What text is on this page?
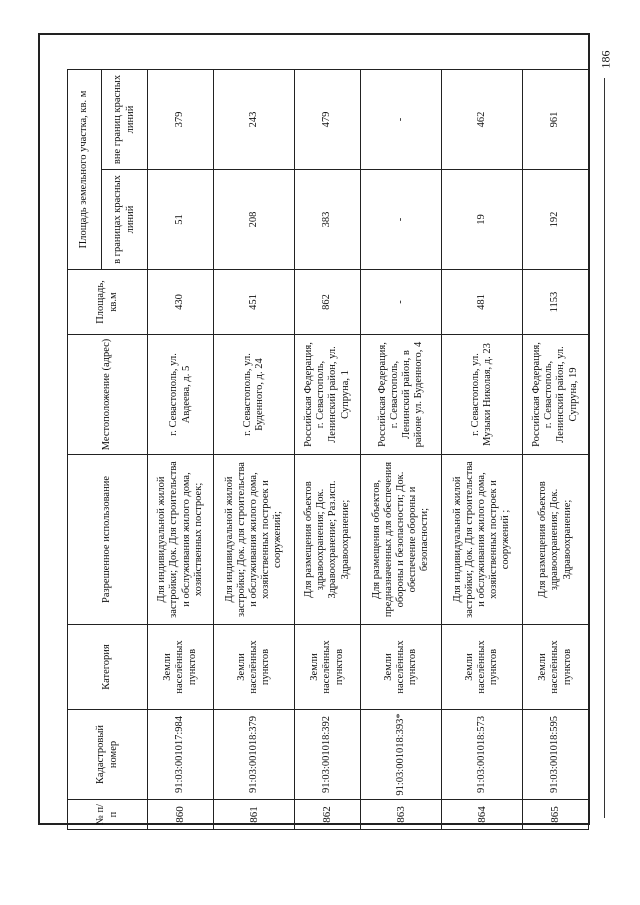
186
№ п/п	Кадастровый номер	Категория	Разрешенное использование	Местоположение (адрес)	Площадь, кв.м	Площадь земельного участка, кв. м	
						в границах красных линий	вне границ красных линий
860	91:03:001017:984	Земли населённых пунктов	Для индивидуальной жилой застройки; Док. Для строительства и обслуживания жилого дома, хозяйственных построек;	г. Севастополь, ул. Авдеева, д. 5	430	51	379
861	91:03:001018:379	Земли населённых пунктов	Для индивидуальной жилой застройки; Док. для строительства и обслуживания жилого дома, хозяйственных построек и сооружений;	г. Севастополь, ул. Буденного, д. 24	451	208	243
862	91:03:001018:392	Земли населённых пунктов	Для размещения объектов здравоохранения; Док. Здравоохранение; Раз.исп. Здравоохранение;	Российская Федерация, г. Севастополь, Ленинский район, ул. Супруна, 1	862	383	479
863	91:03:001018:393*	Земли населённых пунктов	Для размещения объектов, предназначенных для обеспечения обороны и безопасности; Док. обеспечение обороны и безопасности;	Российская Федерация, г. Севастополь, Ленинский район, в районе ул. Буденного, 4	-	-	-
864	91:03:001018:573	Земли населённых пунктов	Для индивидуальной жилой застройки; Док. Для строительства и обслуживания жилого дома, хозяйственных построек и сооружений ;	г. Севастополь, ул. Музыки Николая, д. 23	481	19	462
865	91:03:001018:595	Земли населённых пунктов	Для размещения объектов здравоохранения; Док. Здравоохранение;	Российская Федерация, г. Севастополь, Ленинский район, ул. Супруна, 19	1153	192	961
